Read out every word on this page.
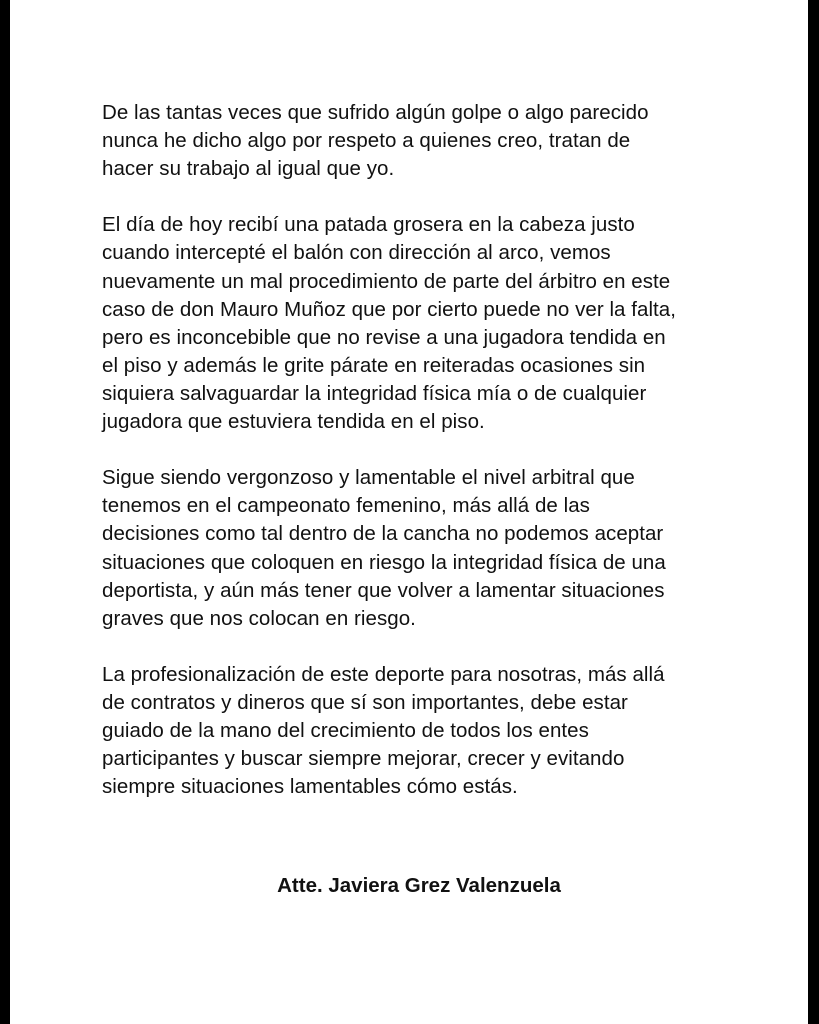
De las tantas veces que sufrido algún golpe o algo parecido
nunca he dicho algo por respeto a quienes creo, tratan de
hacer su trabajo al igual que yo.

El día de hoy recibí una patada grosera en la cabeza justo
cuando intercepté el balón con dirección al arco, vemos
nuevamente un mal procedimiento de parte del árbitro en este
caso de don Mauro Muñoz que por cierto puede no ver la falta,
pero es inconcebible que no revise a una jugadora tendida en
el piso y además le grite párate en reiteradas ocasiones sin
siquiera salvaguardar la integridad física mía o de cualquier
jugadora que estuviera tendida en el piso.

Sigue siendo vergonzoso y lamentable el nivel arbitral que
tenemos en el campeonato femenino, más allá de las
decisiones como tal dentro de la cancha no podemos aceptar
situaciones que coloquen en riesgo la integridad física de una
deportista, y aún más tener que volver a lamentar situaciones
graves que nos colocan en riesgo.

La profesionalización de este deporte para nosotras, más allá
de contratos y dineros que sí son importantes, debe estar
guiado de la mano del crecimiento de todos los entes
participantes y buscar siempre mejorar, crecer y evitando
siempre situaciones lamentables cómo estás.

Atte. Javiera Grez Valenzuela
